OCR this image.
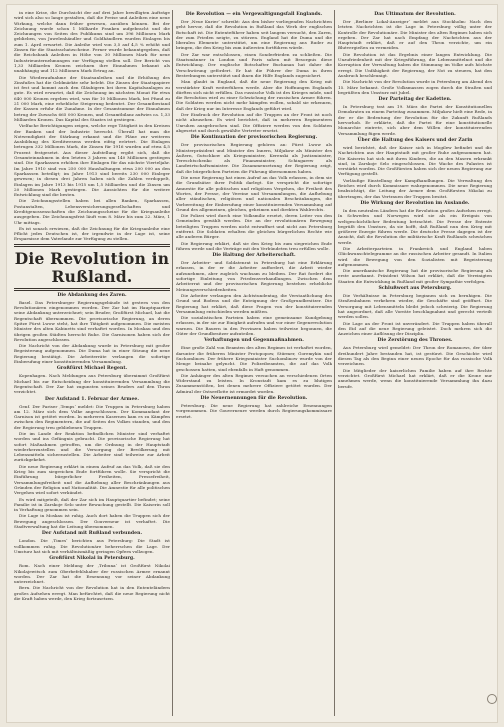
in eine Krise, die Durchsicht der auf drei Jahre bewilligten Aufträge wird sich also so lange gestalten, daß die Preise und Anleihen eine neue Wirkung, welche dann früher gewesen, ausüben können. Bei der Zeichnung wurde schon 1 Milliarde Franken aufgebracht und die Zeichnungen von Seiten des Publikums sind um 396 Millionen Mark geblieben, von Juwelenhändler und Goldhändlern wurden Einlagen bis zum 1. April erwartet. Die Anleihe wird von 3,5 auf 4,5 % erhöht und Zinsen für die Staatsschatzscheine. Ferner wurde bekanntgegeben, daß die Reichsbank Anleihen in Höhe von 30 Millionen Mark für neue Industrieunternehmungen zur Verfügung stellen soll. Der Bericht von 1,33 Milliarden Kronen zeichnen ihre Einnahmen bekannt als unabhängig und 112 Millionen Mark Ertrag an.

Die Wiederaufnahme der Staatsanleihen und die Erhöhung des Zinsfußes hat die Geldmärkte sehr belebt. Die Zinsen der Staatspapiere ist fest und kommt auch den Gläubigern bei ihren Kapitalsanlagen zu gute. Es wird erwartet, daß die Zeichnung im nächsten Monat für etwa 640 000 Kronen ergeben wird, was für 10 Millionen Mark, bei Pfund zu 21 000 Mark, eine erhebliche Steigerung bedeutet. Der Gesamtbestand der Kassen erfuhr die Zunahme. In der Gesamtsumme der Einnahmen betrug der Zuwachs 665 000 Kronen, und Gesamtbilanz aufwies ca. 1,33 Milliarden Kronen. Das Kapital des Staates ist gestiegen.

Vielfache Berichtigungen zeigen, welche rege Tätigkeit in den Kreisen der Banken und der Industrie herrscht. Überall hat man die Notwendigkeit der Stärkung erkannt und die Pläne zur weiteren Ausbildung des Kreditwesens werden eifrig erörtert. Die Einlagen betrugen 332 Millionen Mark, die Zinsen für 1916 wurden auf etwa 4,5 Prozent festgesetzt. Aus dieser Aufstellung ergibt sich, daß die Gesamteinnahmen in den letzten 3 Jahren um 140 Millionen gestiegen sind. Die Sparkassen erhöhen ihre Einlagen für das nächste Vierteljahr. Im Jahre 1910 sind von 250 000 Haushaltungen etwa 200 000 an den Sparkassen beteiligt; im Jahre 1913 sind bereits 230 000 Einleger gewesen; in diesen drei Jahren haben sich die Zahlen verdoppelt, Einlagen im Jahre 1913 bis 1915 um 1,5 Milliarden und die Zinsen um 20 Millionen Mark gestiegen. Die Aussichten für die weitere Entwicklung sind die besten.

Die Zeichnungsstellen haben bei allen Banken, Sparkassen, Postanstalten, Lebensversicherungsgesellschaften und Kreditgenossenschaften die Zeichnungsscheine für die Kriegsanleihe ausgegeben. Die Zeichnungsfrist läuft vom 8. März bis zum 22. März, 1 Uhr mittags.

Es ist sonach erwiesen, daß die Zeichnung für die Kriegsanleihe eine Pflicht jedes Deutschen ist, der irgendwie in der Lage ist, seine Ersparnisse dem Vaterlande zur Verfügung zu stellen.

Die Revolution in Rußland.
Die Abdankung des Zaren.

Basel. Das Petersburger Regierungsgebäude ist gestern von den Revolutionären eingenommen worden. Der Zar hat im Hauptquartier seine Abdankung unterzeichnet; sein Bruder, Großfürst Michael, hat die Regentschaft übernommen. Die provisorische Regierung, an deren Spitze Fürst Lwow steht, hat ihre Tätigkeit aufgenommen. Die meisten Minister des alten Kabinetts sind verhaftet worden. In Moskau und den übrigen großen Städten herrscht Ruhe. Die Garnisonen haben sich der Revolution angeschlossen.

Die Nachricht von der Abdankung wurde in Petersburg mit großer Begeisterung aufgenommen. Die Duma hat in einer Sitzung die neue Regierung bestätigt. Die Arbeiterräte verlangen die sofortige Einberufung einer konstituierenden Versammlung.

Großfürst Michael Regent.

Kopenhagen. Nach Meldungen aus Petersburg übernimmt Großfürst Michael bis zur Entscheidung der konstituierenden Versammlung die Regentschaft. Der Zar hat zugunsten seines Bruders auf den Thron verzichtet.

Der Aufstand 1. Februar der Armee.

Genf. Der Pariser ‚Temps‘ meldet: Die Truppen in Petersburg haben am 12. März sich dem Volke angeschlossen. Der Kommandant der Garnison ist getötet worden. In mehreren Kasernen kam es zu Kämpfen zwischen den Regimentern, die auf Seiten des Volkes standen, und den der Regierung treu gebliebenen Truppen.

Die im Lande der Reaktion befindlichen Minister sind verhaftet worden und ins Gefängnis gebracht. Die provisorische Regierung hat sofort Maßnahmen getroffen, um die Ordnung in der Hauptstadt wiederherzustellen und die Versorgung der Bevölkerung mit Lebensmitteln sicherzustellen. Die Arbeiter sind teilweise zur Arbeit zurückgekehrt.

Die neue Regierung erklärt in einem Aufruf an das Volk, daß sie den Krieg bis zum siegreichen Ende fortführen wolle. Sie verspricht die Einführung bürgerlicher Freiheiten, Pressefreiheit, Versammlungsfreiheit und die Aufhebung aller Beschränkungen aus Gründen der Religion und Nationalität. Die Amnestie für alle politischen Vergehen wird sofort verkündet.

Es wird mitgeteilt, daß der Zar sich im Hauptquartier befindet; seine Familie ist in Zarskoje Selo unter Bewachung gestellt. Die Kaiserin soll in Verhaftung genommen sein.

Die Lage in Moskau ist ruhig. Auch dort haben die Truppen sich der Bewegung angeschlossen. Der Gouverneur ist verhaftet. Die Stadtverwaltung hat die Leitung übernommen.

Der Aufstand mit Rußland verbunden.

London. Die ‚Times‘ berichten aus Petersburg: Die Stadt ist vollkommen ruhig. Die Revolutionäre beherrschen die Lage. Der Umsturz hat sich mit verhältnismäßig geringen Opfern vollzogen.

Großfürst Nikolai in Petersburg.

Rom. Nach einer Meldung der ‚Tribuna‘ ist Großfürst Nikolai Nikolajewitsch zum Oberbefehlshaber der russischen Armee ernannt worden. Der Zar hat die Ernennung vor seiner Abdankung unterzeichnet.

Bern. Die Nachricht von der Revolution hat in den Ententeländern großes Aufsehen erregt. Man befürchtet, daß die neue Regierung nicht die Kraft haben werde, den Krieg fortzusetzen.

Die Revolution — ein Vergewaltigungsfall Englands.

Der ‚Neue Kurier‘ schreibt: Aus den bisher vorliegenden Nachrichten geht hervor, daß die Revolution in Rußland das Werk der englischen Botschaft ist. Die Ententeführer haben seit langem versucht, den Zaren, der zum Frieden neigte, zu stürzen. England hat die Duma und die liberalen Elemente unterstützt, um eine Regierung ans Ruder zu bringen, die den Krieg bis zum äußersten fortführen würde.

Der Zar war entschlossen, einen Sonderfrieden zu schließen. Die Staatsmänner in London und Paris sahen mit Besorgnis diese Entwicklung. Der englische Botschafter Buchanan hat daher die Verschwörung gefördert. Er hat die Führer der Duma in ihren Bestrebungen unterstützt und ihnen die Hilfe Englands zugesichert.

Man glaubt in England, daß die neue Regierung den Krieg mit verstärkter Kraft weiterführen werde. Aber die Hoffnungen Englands dürften sich nicht erfüllen. Das russische Volk ist des Krieges müde, und die Revolution wird zu einer Schwächung der russischen Armee führen. Die Soldaten werden nicht mehr kämpfen wollen, sobald sie erkennen, daß der Krieg nur im Interesse Englands geführt wird.

Der Eindruck der Revolution auf die Truppen an der Front ist noch nicht abzusehen. Es wird berichtet, daß in mehreren Regimentern Unruhen ausgebrochen sind. Die Offiziere werden von den Soldaten abgesetzt und durch gewählte Vertreter ersetzt.

Die Kontinuation der provisorischen Regierung.

Der provisorischen Regierung gehören an: Fürst Lwow als Ministerpräsident und Minister des Innern, Miljukow als Minister des Äußern, Gutschkow als Kriegsminister, Kerenski als Justizminister, Tereschtschenko als Finanzminister, Schingarew als Landwirtschaftsminister. Die Zusammensetzung der Regierung zeigt, daß die bürgerlichen Parteien die Führung übernommen haben.

Die neue Regierung hat einen Aufruf an das Volk erlassen, in dem sie die Grundsätze ihrer Politik darlegt. Sie verspricht die sofortige Amnestie für alle politischen und religiösen Vergehen, die Freiheit des Wortes, der Presse, der Vereine und Versammlungen, die Aufhebung aller ständischen, religiösen und nationalen Beschränkungen, die Vorbereitung der Einberufung einer konstituierenden Versammlung auf Grund des allgemeinen, gleichen, geheimen und direkten Wahlrechts.

Die Polizei wird durch eine Volksmiliz ersetzt, deren Leiter von den Gemeinden gewählt werden. Die an der revolutionären Bewegung beteiligten Truppen werden nicht entwaffnet und nicht aus Petersburg entfernt. Die Soldaten erhalten die gleichen bürgerlichen Rechte wie alle anderen Bürger.

Die Regierung erklärt, daß sie den Krieg bis zum siegreichen Ende führen werde und die Verträge mit den Verbündeten treu erfüllen wolle.

Die Haltung der Arbeiterschaft.

Der Arbeiter- und Soldatenrat in Petersburg hat eine Erklärung erlassen, in der er die Arbeiter auffordert, die Arbeit wieder aufzunehmen, aber zugleich wachsam zu bleiben. Der Rat fordert die sofortige Einleitung von Friedensverhandlungen. Zwischen dem Arbeiterrat und der provisorischen Regierung bestehen erhebliche Meinungsverschiedenheiten.

Die Arbeiter verlangen den Achtstundentag, die Verstaatlichung des Grund und Bodens und die Enteignung der Großgrundbesitzer. Die Regierung hat erklärt, daß diese Fragen von der konstituierenden Versammlung entschieden werden müßten.

Die sozialistischen Parteien haben eine gemeinsame Kundgebung erlassen, in der sie zur Einigkeit aufrufen und vor einer Gegenrevolution warnen. Die Bauern in den Provinzen haben teilweise begonnen, die Güter der Grundbesitzer aufzuteilen.

Verhaftungen und Gegenmaßnahmen.

Eine große Zahl von Beamten des alten Regimes ist verhaftet worden, darunter die früheren Minister Protopopow, Stürmer, Goremykin und Suchomlinow. Der frühere Kriegsminister Suchomlinow wurde von der Menge beinahe gelyncht. Die Polizeibeamten, die auf das Volk geschossen hatten, sind ebenfalls in Haft genommen.

Die Anhänger des alten Regimes versuchen an verschiedenen Orten Widerstand zu leisten. In Kronstadt kam es zu blutigen Zusammenstößen, bei denen mehrere Offiziere getötet wurden. Der Admiral der Ostseeflotte ist ermordet worden.

Die Neuernennungen für die Revolution.

Petersburg. Die neue Regierung hat zahlreiche Ernennungen vorgenommen. Die Gouverneure werden durch Regierungskommissare ersetzt.

Das Ultimatum der Revolution.

Der ‚Berliner Lokal-Anzeiger‘ meldet aus Stockholm: Nach den letzten Nachrichten ist die Lage in Petersburg völlig unter der Kontrolle der Revolutionäre. Die Minister des alten Regimes haben sich ergeben. Der Zar hat nach Empfang der Nachrichten aus der Hauptstadt erklärt, daß er auf den Thron verzichte, um ein Blutvergießen zu vermeiden.

Die Revolution ist das Ergebnis einer langen Entwicklung. Die Unzufriedenheit mit der Kriegsführung, die Lebensmittelnot und die Korruption der Verwaltung haben die Stimmung im Volke aufs höchste erregt. Die Unfähigkeit der Regierung, der Not zu steuern, hat den Ausbruch beschleunigt.

Die Nachricht von der Revolution wurde in Petersburg am Abend des 15. März bekannt. Große Volksmassen zogen durch die Straßen und begrüßten den Umsturz mit Jubel.

Der Parteitag der Kadetten.

In Petersburg trat am 19. März die Partei der Konstitutionellen Demokraten zu einem Parteitag zusammen. Miljukow hielt eine Rede, in der er die Bedeutung der Revolution für die Zukunft Rußlands hervorhob. Er erklärte, daß die Partei für eine konstitutionelle Monarchie eintrete, sich aber dem Willen der konstituierenden Versammlung fügen werde.

Über die Haltung des Kaisers und der Zarin

wird berichtet, daß der Kaiser sich in Mogilew befindet und die Nachrichten aus der Hauptstadt mit großer Ruhe aufgenommen hat. Die Kaiserin hat sich mit ihren Kindern, die an den Masern erkrankt sind, in Zarskoje Selo eingeschlossen. Die Wache des Palastes ist verstärkt worden. Die Großfürsten haben sich der neuen Regierung zur Verfügung gestellt.

Vorläufige Einstellung der Kampfhandlungen. Die Verwaltung des Reiches wird durch Kommissare wahrgenommen. Die neue Regierung beabsichtigt, die Leitung der Armee dem Großfürsten Nikolai zu übertragen, der das Vertrauen der Truppen besitzt.

Die Wirkung der Revolution im Auslande.

In den neutralen Ländern hat die Revolution großes Aufsehen erregt. In Schweden und Norwegen wird sie als ein Ereignis von weltgeschichtlicher Bedeutung betrachtet. Die Presse der Entente begrüßt den Umsturz, da sie hofft, daß Rußland nun den Krieg mit größerer Energie führen werde. Die deutsche Presse dagegen ist der Ansicht, daß die Revolution die militärische Kraft Rußlands schwächen werde.

Die Arbeiterparteien in Frankreich und England haben Glückwunschtelegramme an die russischen Arbeiter gesandt. In Italien wird die Bewegung von den Sozialisten mit Begeisterung aufgenommen.

Die amerikanische Regierung hat die provisorische Regierung als erste anerkannt. Präsident Wilson hat erklärt, daß die Vereinigten Staaten die Entwicklung in Rußland mit großer Sympathie verfolgen.

Schlußwort aus Petersburg.

Die Verhältnisse in Petersburg beginnen sich zu beruhigen. Die Straßenbahnen verkehren wieder, die Geschäfte sind geöffnet. Die Versorgung mit Lebensmitteln bleibt jedoch schwierig. Die Regierung hat angeordnet, daß alle Vorräte beschlagnahmt und gerecht verteilt werden sollen.

Die Lage an der Front ist unverändert. Die Truppen haben überall den Eid auf die neue Regierung geleistet. Doch mehren sich die Anzeichen einer Auflösung der Disziplin.

Die Zerstörung des Thrones.

Aus Petersburg wird gemeldet: Der Thron der Romanows, der über dreihundert Jahre bestanden hat, ist gestürzt. Die Geschichte wird diesen Tag als den Beginn einer neuen Epoche für das russische Volk verzeichnen.

Die Mitglieder der kaiserlichen Familie haben auf ihre Rechte verzichtet. Großfürst Michael hat erklärt, daß er die Krone nur annehmen werde, wenn die konstituierende Versammlung ihn dazu berufe.
